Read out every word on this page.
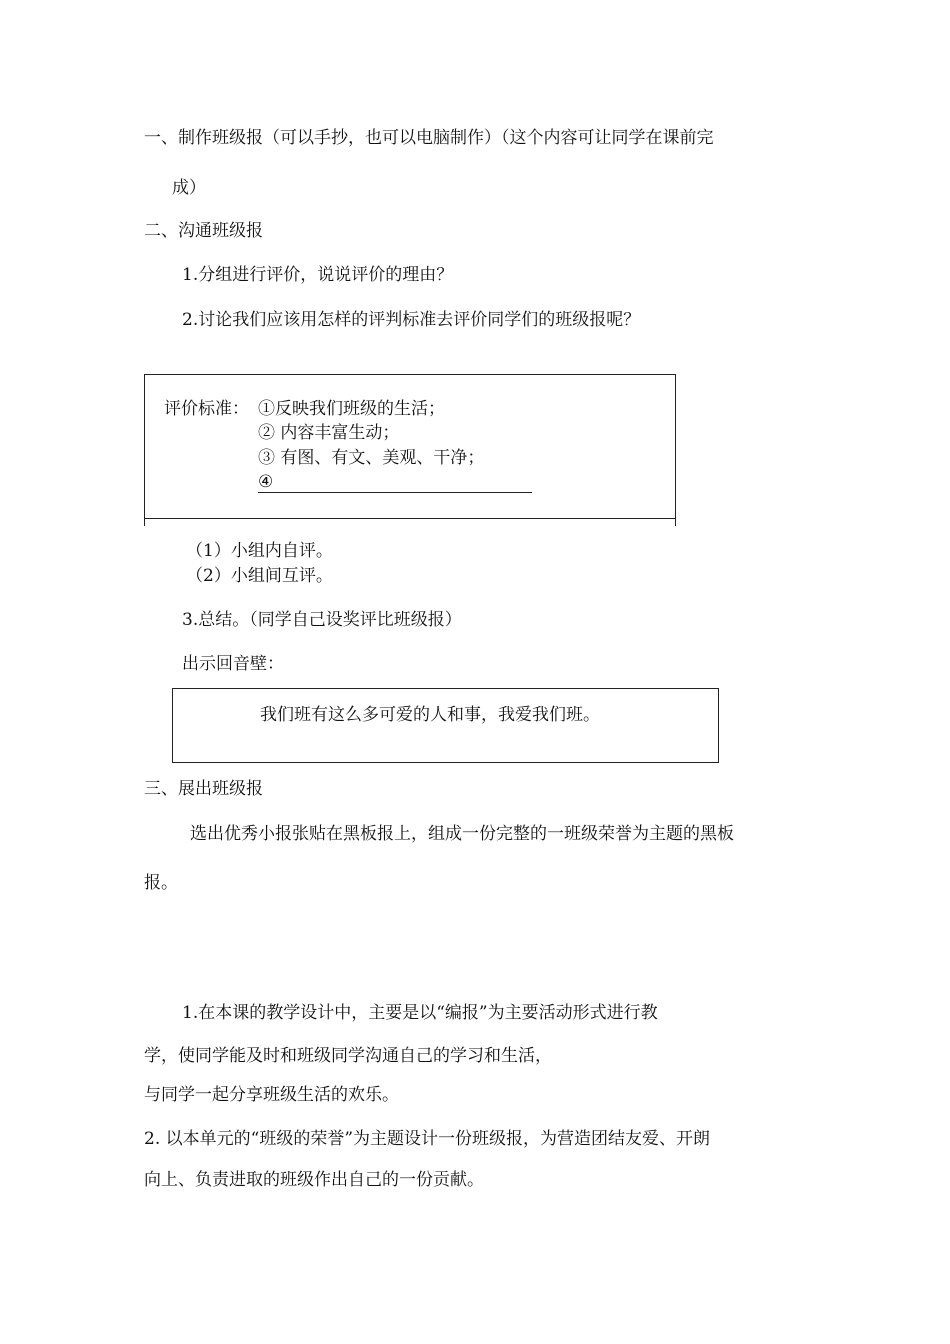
一、制作班级报（可以手抄，也可以电脑制作）（这个内容可让同学在课前完
成）
二、沟通班级报
1.分组进行评价，说说评价的理由？
2.讨论我们应该用怎样的评判标准去评价同学们的班级报呢？
评价标准： ①反映我们班级的生活；
② 内容丰富生动；
③ 有图、有文、美观、干净；
④
（1）小组内自评。
（2）小组间互评。
3.总结。（同学自己设奖评比班级报）
出示回音壁：
我们班有这么多可爱的人和事，我爱我们班。
三、展出班级报
选出优秀小报张贴在黑板报上，组成一份完整的一班级荣誉为主题的黑板
报。
1.在本课的教学设计中，主要是以“编报”为主要活动形式进行教
学，使同学能及时和班级同学沟通自己的学习和生活，
与同学一起分享班级生活的欢乐。
2. 以本单元的“班级的荣誉”为主题设计一份班级报，为营造团结友爱、开朗
向上、负责进取的班级作出自己的一份贡献。
